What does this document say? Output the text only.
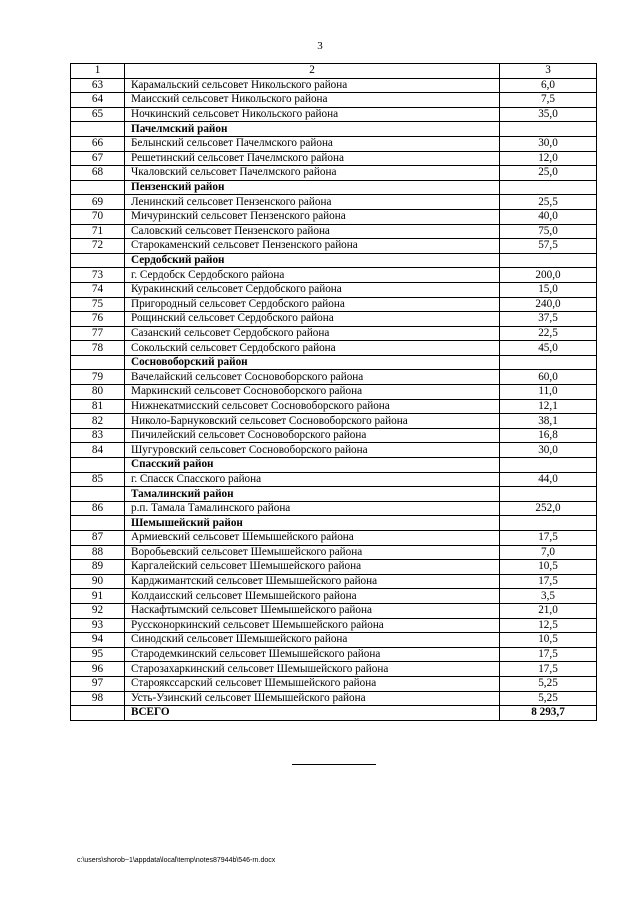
3
1	2	3
63	Карамальский сельсовет Никольского района	6,0
64	Маисский сельсовет Никольского района	7,5
65	Ночкинский сельсовет Никольского района	35,0
	Пачелмский район	
66	Белынский сельсовет Пачелмского района	30,0
67	Решетинский сельсовет Пачелмского района	12,0
68	Чкаловский сельсовет Пачелмского района	25,0
	Пензенский район	
69	Ленинский сельсовет Пензенского района	25,5
70	Мичуринский сельсовет Пензенского района	40,0
71	Саловский сельсовет Пензенского района	75,0
72	Старокаменский сельсовет Пензенского района	57,5
	Сердобский район	
73	г. Сердобск Сердобского района	200,0
74	Куракинский сельсовет Сердобского района	15,0
75	Пригородный сельсовет Сердобского района	240,0
76	Рощинский сельсовет Сердобского района	37,5
77	Сазанский сельсовет Сердобского района	22,5
78	Сокольский сельсовет Сердобского района	45,0
	Сосновоборский район	
79	Вачелайский сельсовет Сосновоборского района	60,0
80	Маркинский сельсовет Сосновоборского района	11,0
81	Нижнекатмисский сельсовет Сосновоборского района	12,1
82	Николо-Барнуковский сельсовет Сосновоборского района	38,1
83	Пичилейский сельсовет Сосновоборского района	16,8
84	Шугуровский сельсовет Сосновоборского района	30,0
	Спасский район	
85	г. Спасск Спасского района	44,0
	Тамалинский район	
86	р.п. Тамала Тамалинского района	252,0
	Шемышейский район	
87	Армиевский сельсовет Шемышейского района	17,5
88	Воробьевский сельсовет Шемышейского района	7,0
89	Каргалейский сельсовет Шемышейского района	10,5
90	Карджимантский сельсовет Шемышейского района	17,5
91	Колдаисский сельсовет Шемышейского района	3,5
92	Наскафтымский сельсовет Шемышейского района	21,0
93	Руссконоркинский сельсовет Шемышейского района	12,5
94	Синодский сельсовет Шемышейского района	10,5
95	Стародемкинский сельсовет Шемышейского района	17,5
96	Старозахаркинский сельсовет Шемышейского района	17,5
97	Староякссарский сельсовет Шемышейского района	5,25
98	Усть-Узинский сельсовет Шемышейского района	5,25
	ВСЕГО	8 293,7
c:\users\shorob~1\appdata\local\temp\notes87944b\546-rn.docx
